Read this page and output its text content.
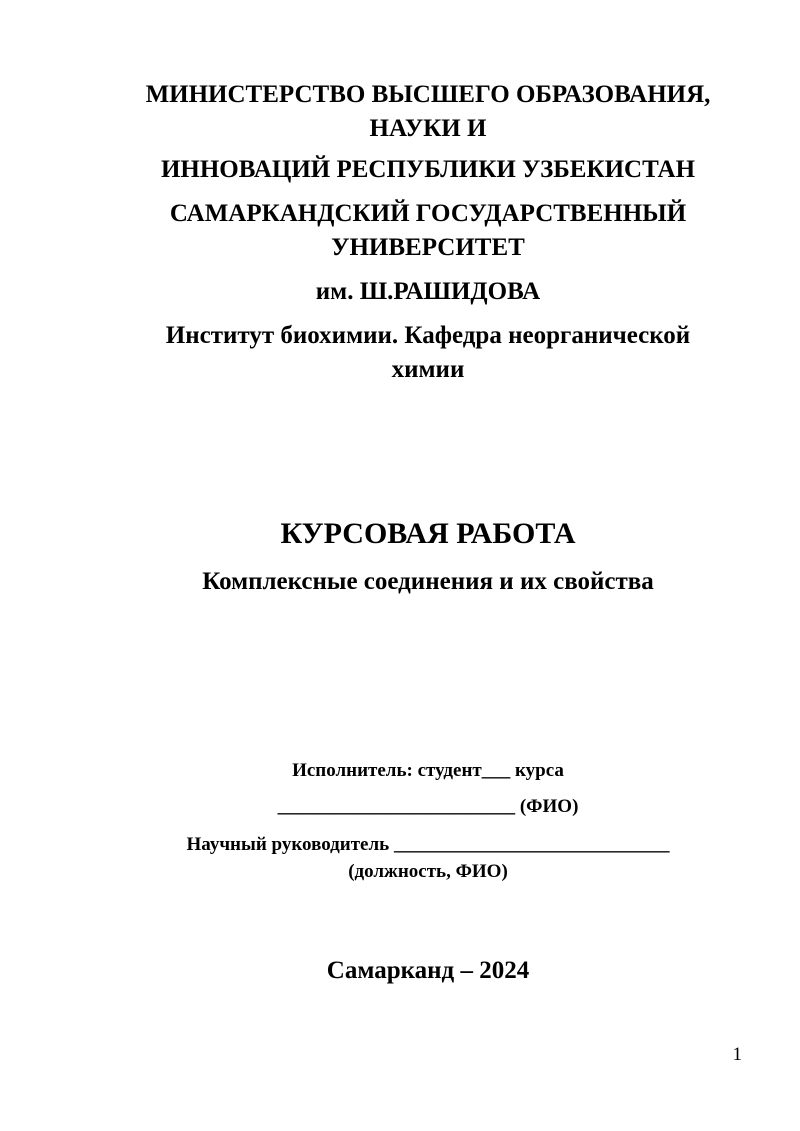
МИНИСТЕРСТВО ВЫСШЕГО ОБРАЗОВАНИЯ,
НАУКИ И
ИННОВАЦИЙ РЕСПУБЛИКИ УЗБЕКИСТАН
САМАРКАНДСКИЙ ГОСУДАРСТВЕННЫЙ
УНИВЕРСИТЕТ
им. Ш.РАШИДОВА
Институт биохимии. Кафедра неорганической
химии
КУРСОВАЯ РАБОТА
Комплексные соединения и их свойства
Исполнитель: студент___ курса
_________________________ (ФИО)
Научный руководитель _____________________________
(должность, ФИО)
Самарканд – 2024
1
